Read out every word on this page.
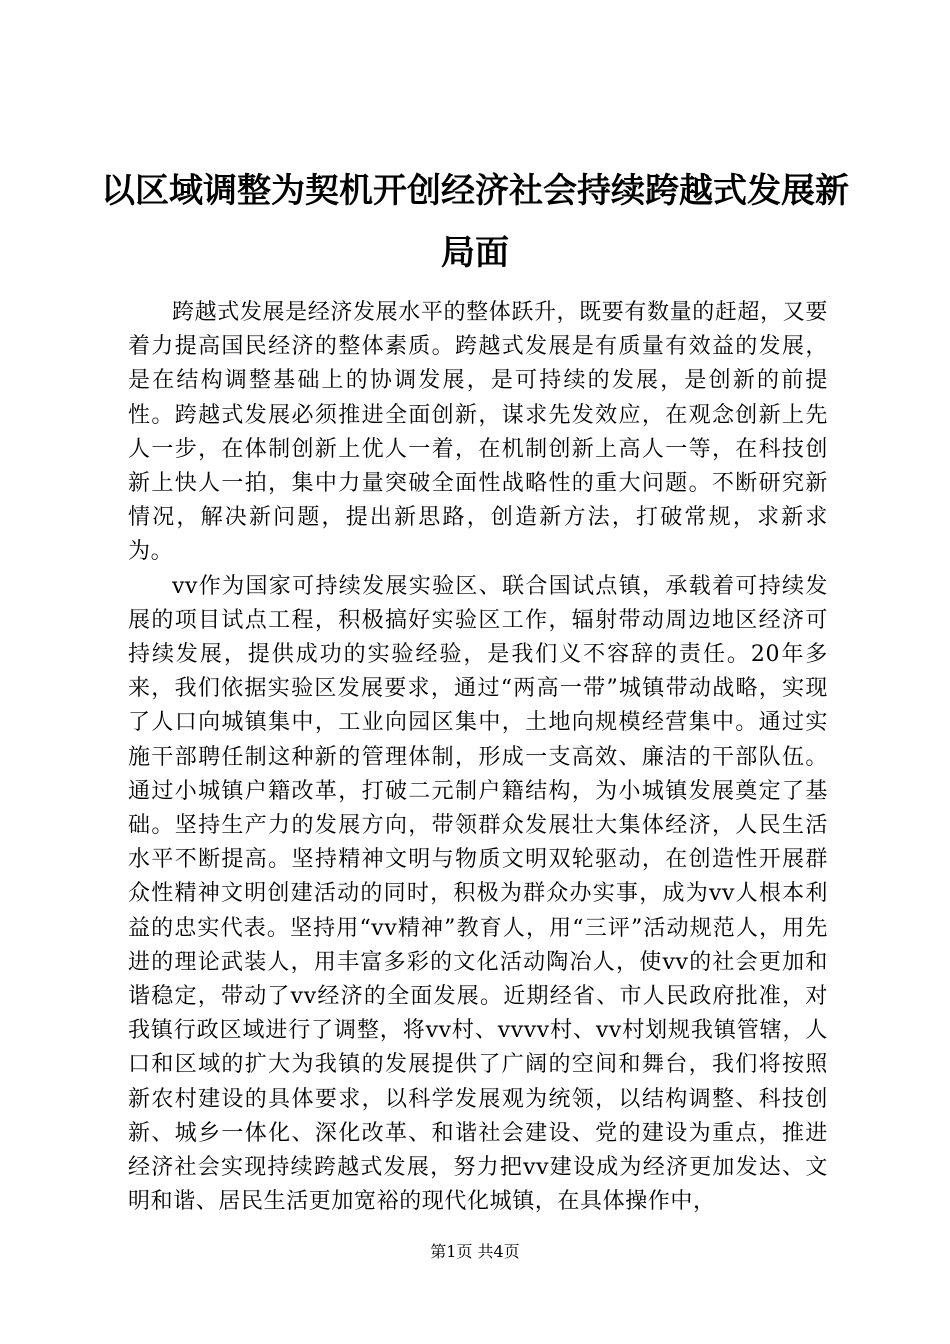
以区域调整为契机开创经济社会持续跨越式发展新局面

跨越式发展是经济发展水平的整体跃升，既要有数量的赶超，又要着力提高国民经济的整体素质。跨越式发展是有质量有效益的发展，是在结构调整基础上的协调发展，是可持续的发展，是创新的前提性。跨越式发展必须推进全面创新，谋求先发效应，在观念创新上先人一步，在体制创新上优人一着，在机制创新上高人一等，在科技创新上快人一拍，集中力量突破全面性战略性的重大问题。不断研究新情况，解决新问题，提出新思路，创造新方法，打破常规，求新求为。

vv作为国家可持续发展实验区、联合国试点镇，承载着可持续发展的项目试点工程，积极搞好实验区工作，辐射带动周边地区经济可持续发展，提供成功的实验经验，是我们义不容辞的责任。20年多来，我们依据实验区发展要求，通过“两高一带”城镇带动战略，实现了人口向城镇集中，工业向园区集中，土地向规模经营集中。通过实施干部聘任制这种新的管理体制，形成一支高效、廉洁的干部队伍。通过小城镇户籍改革，打破二元制户籍结构，为小城镇发展奠定了基础。坚持生产力的发展方向，带领群众发展壮大集体经济，人民生活水平不断提高。坚持精神文明与物质文明双轮驱动，在创造性开展群众性精神文明创建活动的同时，积极为群众办实事，成为vv人根本利益的忠实代表。坚持用“vv精神”教育人，用“三评”活动规范人，用先进的理论武装人，用丰富多彩的文化活动陶冶人，使vv的社会更加和谐稳定，带动了vv经济的全面发展。近期经省、市人民政府批准，对我镇行政区域进行了调整，将vv村、vvvv村、vv村划规我镇管辖，人口和区域的扩大为我镇的发展提供了广阔的空间和舞台，我们将按照新农村建设的具体要求，以科学发展观为统领，以结构调整、科技创新、城乡一体化、深化改革、和谐社会建设、党的建设为重点，推进经济社会实现持续跨越式发展，努力把vv建设成为经济更加发达、文明和谐、居民生活更加宽裕的现代化城镇，在具体操作中，

第1页 共4页
